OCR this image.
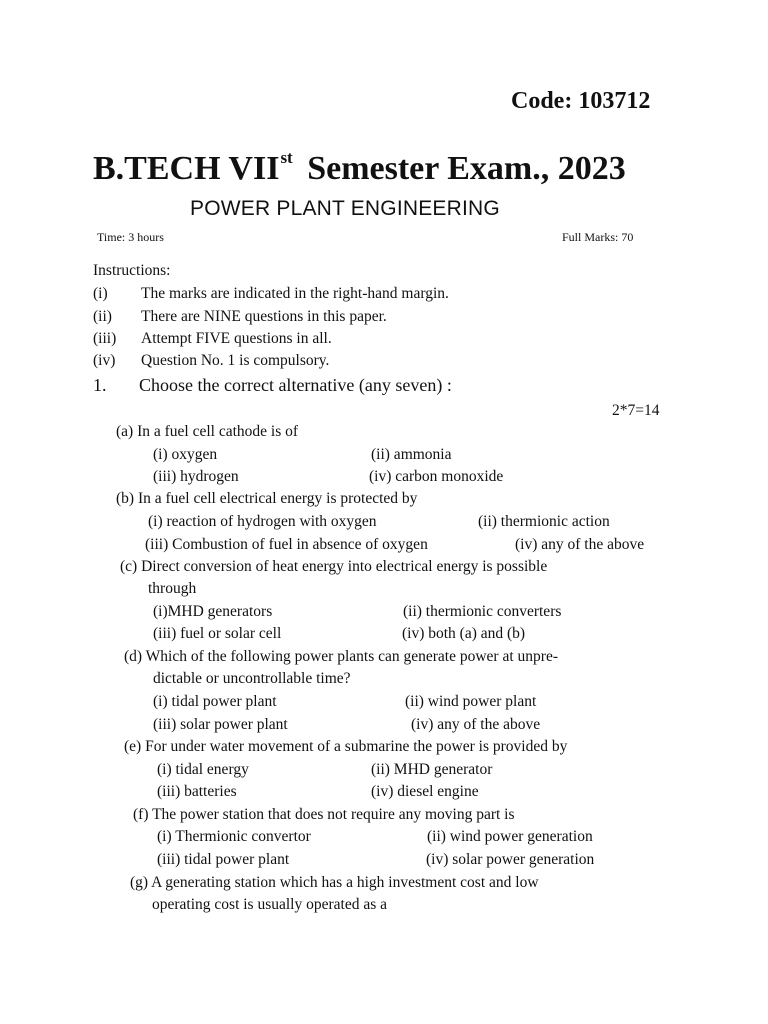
Code: 103712
B.TECH VIIst Semester Exam., 2023
POWER PLANT ENGINEERING
Time: 3 hours	Full Marks: 70
Instructions:
(i) The marks are indicated in the right-hand margin.
(ii) There are NINE questions in this paper.
(iii) Attempt FIVE questions in all.
(iv) Question No. 1 is compulsory.
1. Choose the correct alternative (any seven) :
2*7=14
(a) In a fuel cell cathode is of
(i) oxygen	(ii) ammonia
(iii) hydrogen	(iv) carbon monoxide
(b) In a fuel cell electrical energy is protected by
(i) reaction of hydrogen with oxygen	(ii) thermionic action
(iii) Combustion of fuel in absence of oxygen	(iv) any of the above
(c) Direct conversion of heat energy into electrical energy is possible
through
(i)MHD generators	(ii) thermionic converters
(iii) fuel or solar cell	(iv) both (a) and (b)
(d) Which of the following power plants can generate power at unpre-
dictable or uncontrollable time?
(i) tidal power plant	(ii) wind power plant
(iii) solar power plant	(iv) any of the above
(e) For under water movement of a submarine the power is provided by
(i) tidal energy	(ii) MHD generator
(iii) batteries	(iv) diesel engine
(f) The power station that does not require any moving part is
(i) Thermionic convertor	(ii) wind power generation
(iii) tidal power plant	(iv) solar power generation
(g) A generating station which has a high investment cost and low
operating cost is usually operated as a
